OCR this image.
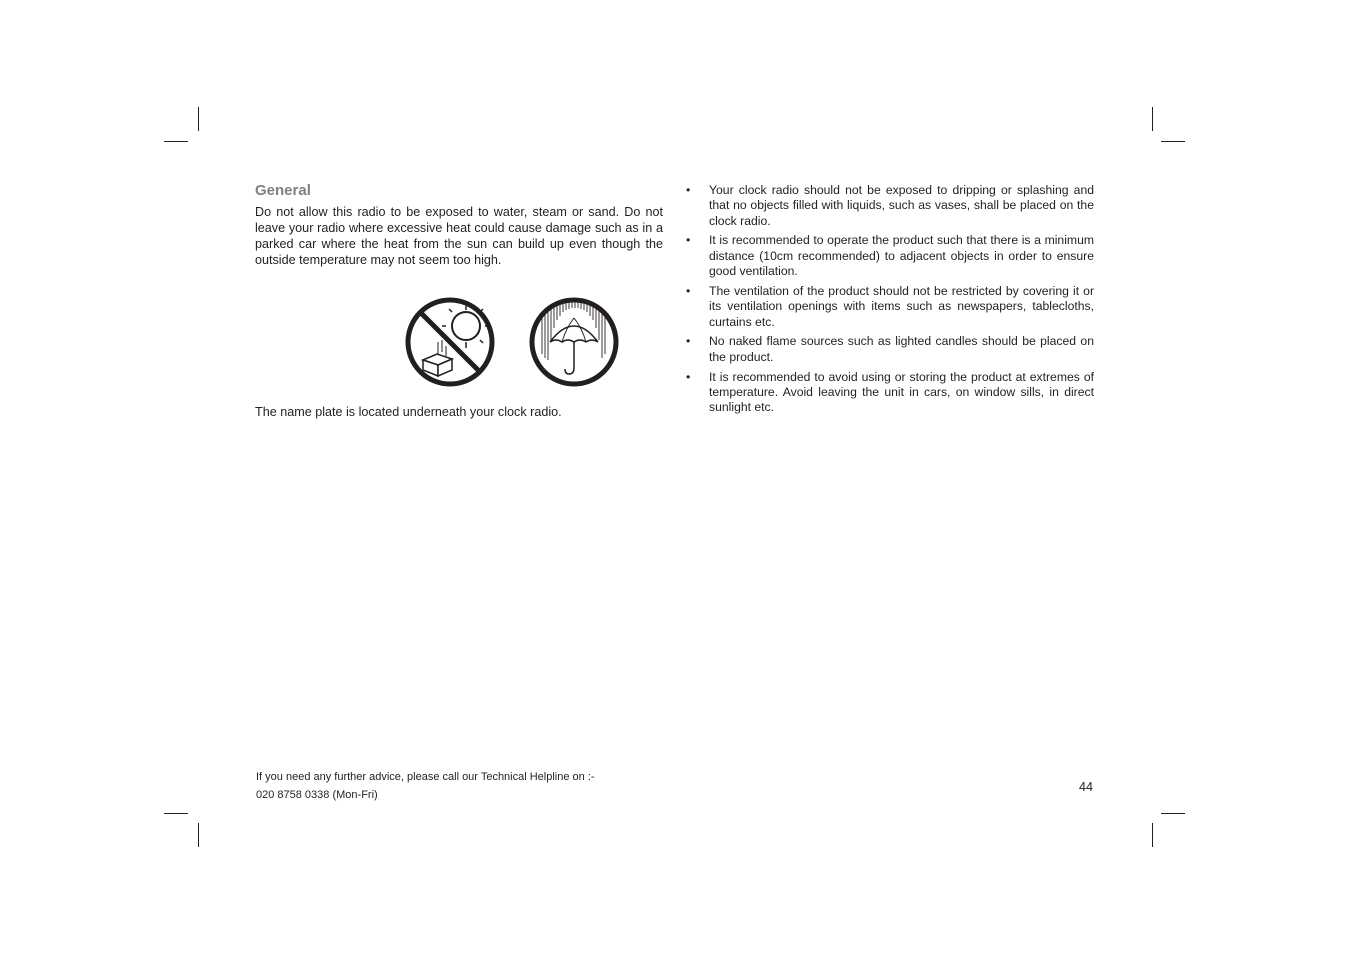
General

Do not allow this radio to be exposed to water, steam or sand. Do not leave your radio where excessive heat could cause damage such as in a parked car where the heat from the sun can build up even though the outside temperature may not seem too high.

The name plate is located underneath your clock radio.

• Your clock radio should not be exposed to dripping or splashing and that no objects filled with liquids, such as vases, shall be placed on the clock radio.
• It is recommended to operate the product such that there is a minimum distance (10cm recommended) to adjacent objects in order to ensure good ventilation.
• The ventilation of the product should not be restricted by covering it or its ventilation openings with items such as newspapers, tablecloths, curtains etc.
• No naked flame sources such as lighted candles should be placed on the product.
• It is recommended to avoid using or storing the product at extremes of temperature. Avoid leaving the unit in cars, on window sills, in direct sunlight etc.
If you need any further advice, please call our Technical Helpline on :-
020 8758 0338 (Mon-Fri)
44
